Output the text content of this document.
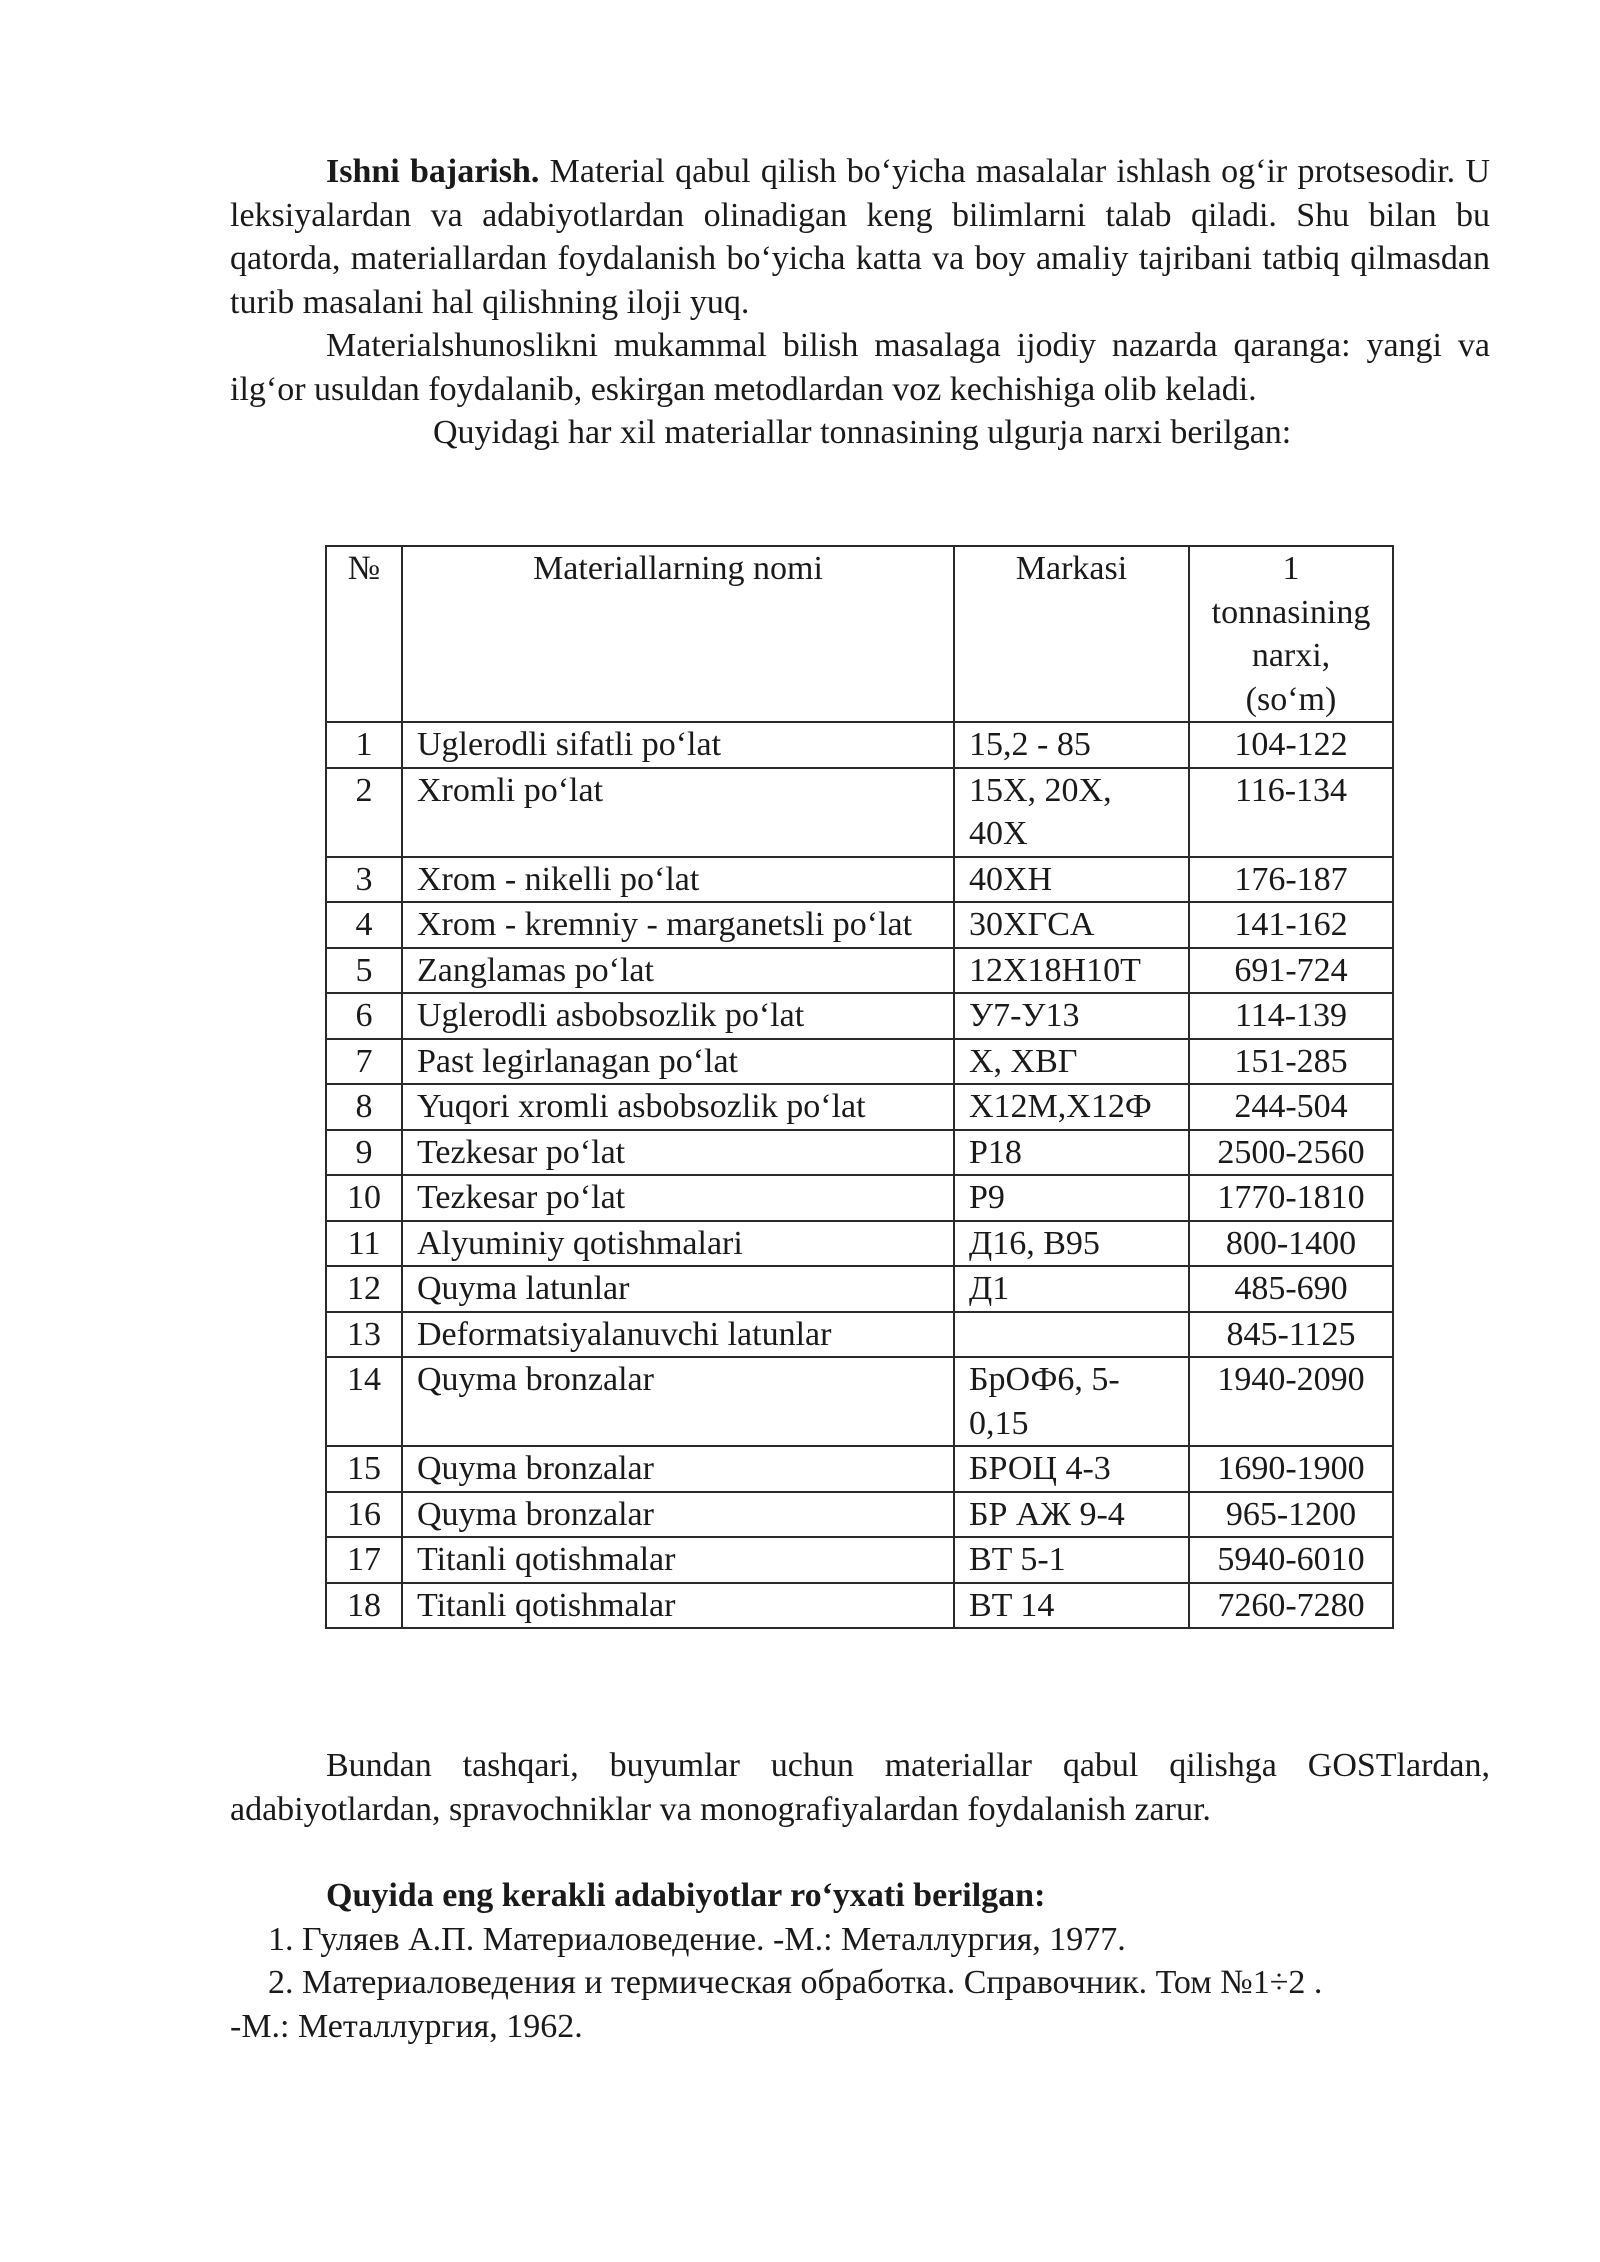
Ishni bajarish. Material qabul qilish bo‘yicha masalalar ishlash og‘ir protsesodir. U leksiyalardan va adabiyotlardan olinadigan keng bilimlarni talab qiladi. Shu bilan bu qatorda, materiallardan foydalanish bo‘yicha katta va boy amaliy tajribani tatbiq qilmasdan turib masalani hal qilishning iloji yuq.

Materialshunoslikni mukammal bilish masalaga ijodiy nazarda qaranga: yangi va ilg‘or usuldan foydalanib, eskirgan metodlardan voz kechishiga olib keladi.

Quyidagi har xil materiallar tonnasining ulgurja narxi berilgan:

№	Materiallarning nomi	Markasi	1 tonnasining narxi, (so‘m)
1	Uglerodli sifatli po‘lat	15,2 - 85	104-122
2	Xromli po‘lat	15X, 20X, 40X	116-134
3	Xrom - nikelli po‘lat	40XH	176-187
4	Xrom - kremniy - marganetsli po‘lat	30XГCA	141-162
5	Zanglamas po‘lat	12X18H10T	691-724
6	Uglerodli asbobsozlik po‘lat	У7-У13	114-139
7	Past legirlanagan po‘lat	X, XBГ	151-285
8	Yuqori xromli asbobsozlik po‘lat	X12M,X12Ф	244-504
9	Tezkesar po‘lat	P18	2500-2560
10	Tezkesar po‘lat	P9	1770-1810
11	Alyuminiy qotishmalari	Д16, В95	800-1400
12	Quyma latunlar	Д1	485-690
13	Deformatsiyalanuvchi latunlar		845-1125
14	Quyma bronzalar	БрОФ6, 5-0,15	1940-2090
15	Quyma bronzalar	БРОЦ 4-3	1690-1900
16	Quyma bronzalar	БР АЖ 9-4	965-1200
17	Titanli qotishmalar	BT 5-1	5940-6010
18	Titanli qotishmalar	BT 14	7260-7280

Bundan tashqari, buyumlar uchun materiallar qabul qilishga GOSTlardan, adabiyotlardan, spravochniklar va monografiyalardan foydalanish zarur.

Quyida eng kerakli adabiyotlar ro‘yxati berilgan:

1. Гуляев А.П. Материаловедение. -М.: Металлургия, 1977.

2. Материаловедения и термическая обработка. Справочник. Том №1÷2 .

-М.: Металлургия, 1962.
